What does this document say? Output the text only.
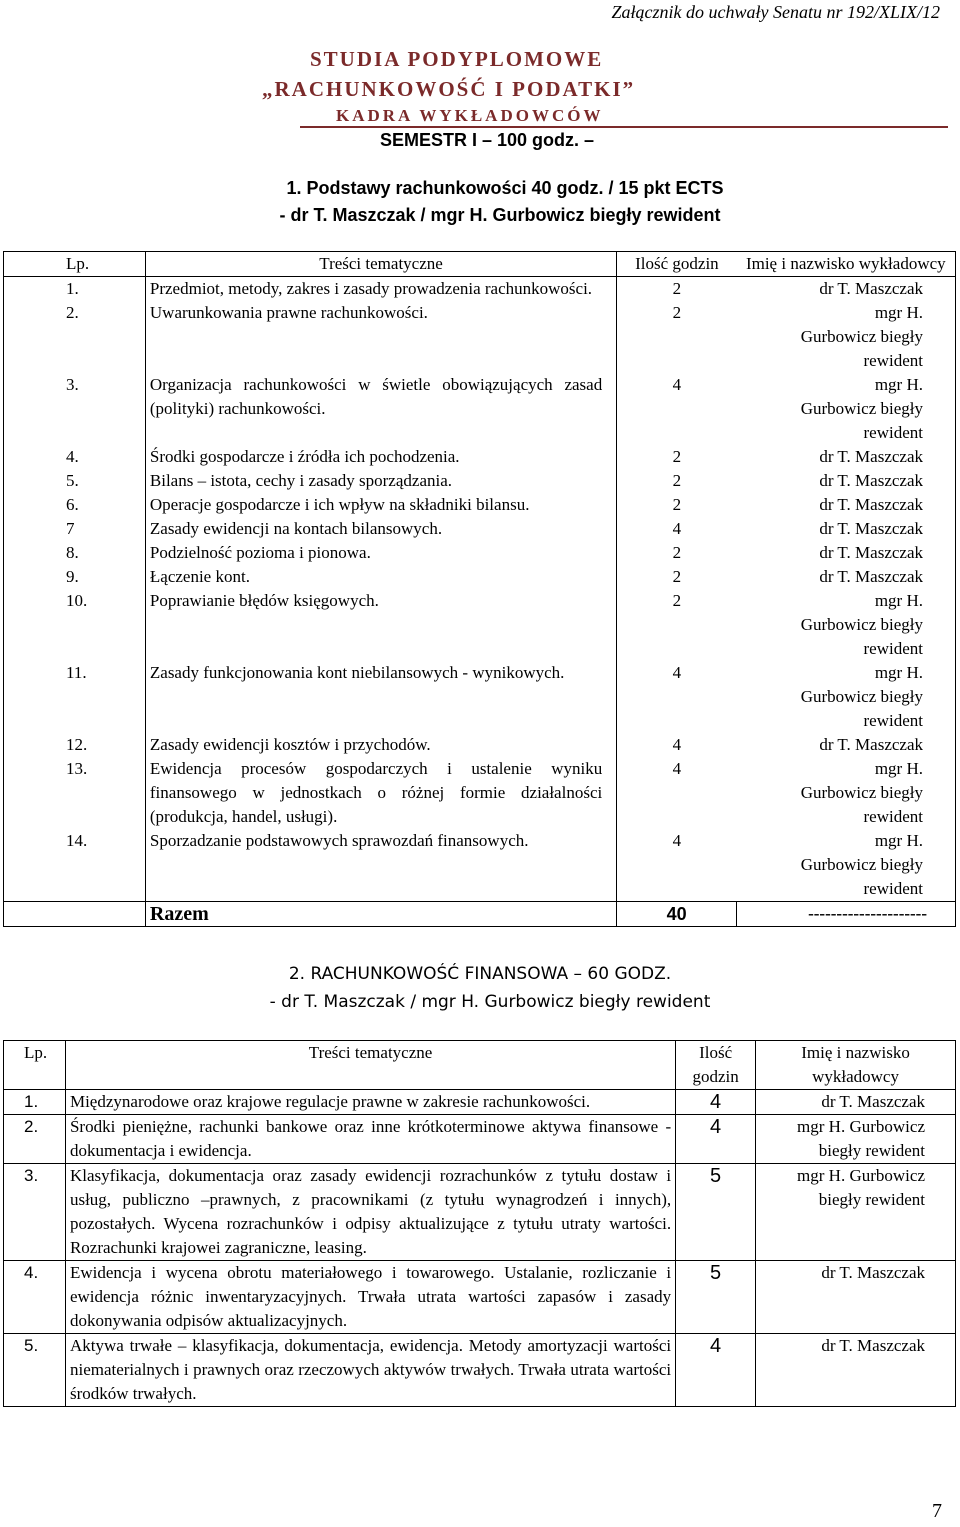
Załącznik do uchwały Senatu nr 192/XLIX/12
STUDIA PODYPLOMOWE
„RACHUNKOWOŚĆ I PODATKI”
KADRA WYKŁADOWCÓW
SEMESTR I – 100 godz. –
1. Podstawy rachunkowości 40 godz. / 15 pkt ECTS
- dr T. Maszczak / mgr H. Gurbowicz biegły rewident
Lp.	Treści tematyczne	Ilość godzin	Imię i nazwisko wykładowcy
1.	Przedmiot, metody, zakres i zasady prowadzenia rachunkowości.	2	dr T. Maszczak
2.	Uwarunkowania prawne rachunkowości.	2	mgr H. Gurbowicz biegły rewident
3.	Organizacja rachunkowości w świetle obowiązujących zasad (polityki) rachunkowości.	4	mgr H. Gurbowicz biegły rewident
4.	Środki gospodarcze i źródła ich pochodzenia.	2	dr T. Maszczak
5.	Bilans – istota, cechy i zasady sporządzania.	2	dr T. Maszczak
6.	Operacje gospodarcze i ich wpływ na składniki bilansu.	2	dr T. Maszczak
7	Zasady ewidencji na kontach bilansowych.	4	dr T. Maszczak
8.	Podzielność pozioma i pionowa.	2	dr T. Maszczak
9.	Łączenie kont.	2	dr T. Maszczak
10.	Poprawianie błędów księgowych.	2	mgr H. Gurbowicz biegły rewident
11.	Zasady funkcjonowania kont niebilansowych - wynikowych.	4	mgr H. Gurbowicz biegły rewident
12.	Zasady ewidencji kosztów i przychodów.	4	dr T. Maszczak
13.	Ewidencja procesów gospodarczych i ustalenie wyniku finansowego w jednostkach o różnej formie działalności (produkcja, handel, usługi).	4	mgr H. Gurbowicz biegły rewident
14.	Sporzadzanie podstawowych sprawozdań finansowych.	4	mgr H. Gurbowicz biegły rewident
	Razem	40	---------------------
2. RACHUNKOWOŚĆ FINANSOWA – 60 GODZ.
- dr T. Maszczak / mgr H. Gurbowicz biegły rewident
Lp.	Treści tematyczne	Ilość godzin	Imię i nazwisko wykładowcy
1.	Międzynarodowe oraz krajowe regulacje prawne w zakresie rachunkowości.	4	dr T. Maszczak
2.	Środki pieniężne, rachunki bankowe oraz inne krótkoterminowe aktywa finansowe -dokumentacja i ewidencja.	4	mgr H. Gurbowicz biegły rewident
3.	Klasyfikacja, dokumentacja oraz zasady ewidencji rozrachunków z tytułu dostaw i usług, publiczno –prawnych, z pracownikami (z tytułu wynagrodzeń i innych), pozostałych. Wycena rozrachunków i odpisy aktualizujące z tytułu utraty wartości. Rozrachunki krajowei zagraniczne, leasing.	5	mgr H. Gurbowicz biegły rewident
4.	Ewidencja i wycena obrotu materiałowego i towarowego. Ustalanie, rozliczanie i ewidencja różnic inwentaryzacyjnych. Trwała utrata wartości zapasów i zasady dokonywania odpisów aktualizacyjnych.	5	dr T. Maszczak
5.	Aktywa trwałe – klasyfikacja, dokumentacja, ewidencja. Metody amortyzacji wartości niematerialnych i prawnych oraz rzeczowych aktywów trwałych. Trwała utrata wartości środków trwałych.	4	dr T. Maszczak
7
